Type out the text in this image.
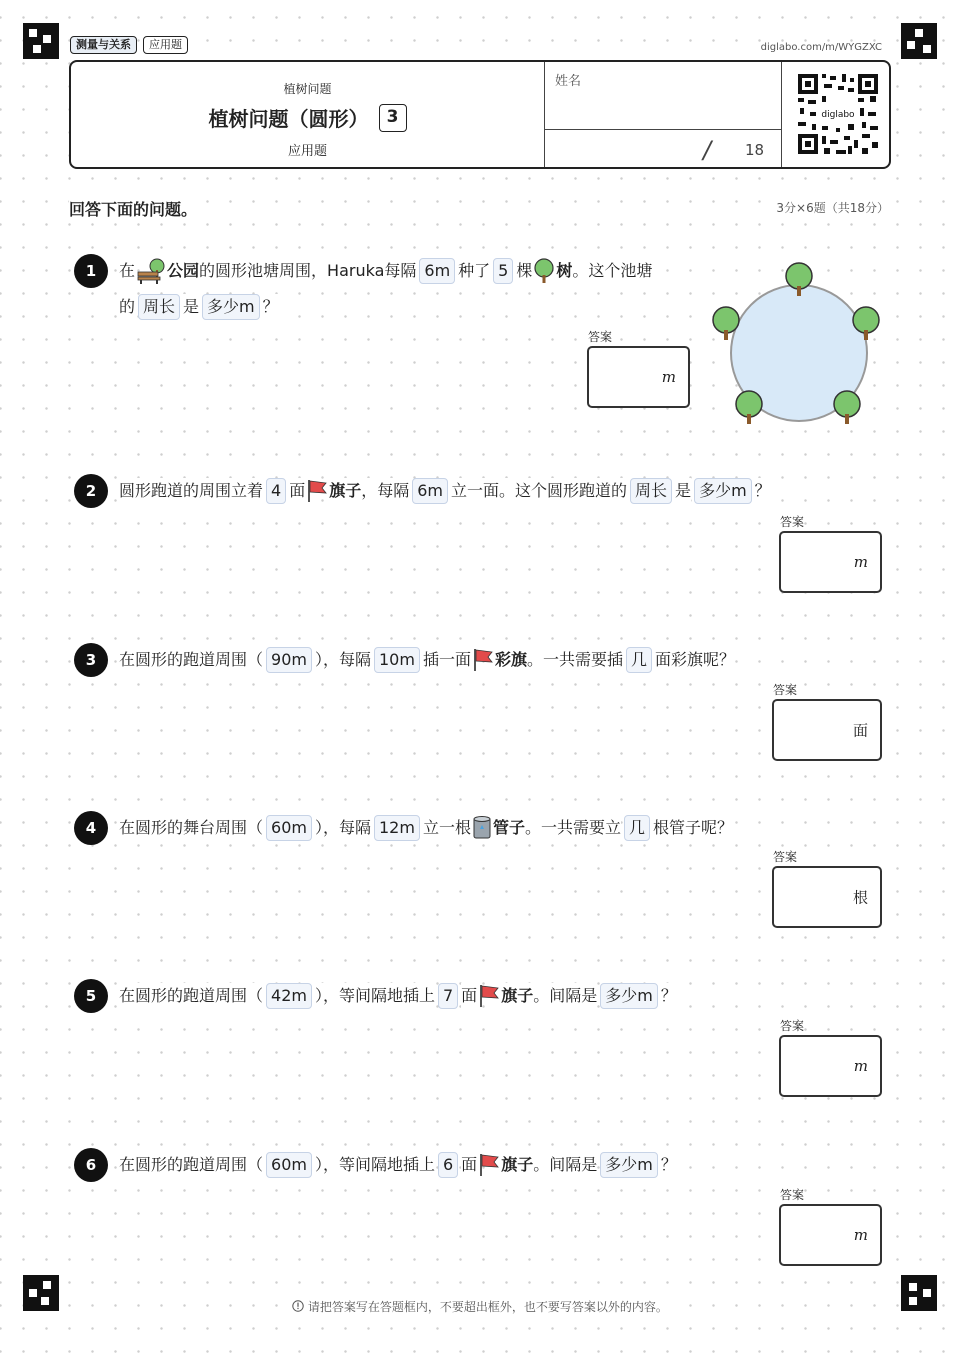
测量与关系	应用题	diglabo.com/m/WYGZXC
植树问题
植树问题（圆形）	3
应用题
姓名
/ 18
diglabo
回答下面的问题。	3分×6题（共18分）
1	在 公园 的圆形池塘周围，Haruka每隔 6m 种了 5 棵 树 。这个池塘
的 周长 是 多少m ？
答案
m
2	圆形跑道的周围立着 4 面 旗子 ，每隔 6m 立一面。这个圆形跑道的 周长 是 多少m ？
答案
m
3	在圆形的跑道周围（ 90m ），每隔 10m 插一面 彩旗 。一共需要插 几 面彩旗呢？
答案
面
4	在圆形的舞台周围（ 60m ），每隔 12m 立一根 管子 。一共需要立 几 根管子呢？
答案
根
5	在圆形的跑道周围（ 42m ），等间隔地插上 7 面 旗子 。间隔是 多少m ？
答案
m
6	在圆形的跑道周围（ 60m ），等间隔地插上 6 面 旗子 。间隔是 多少m ？
答案
m
请把答案写在答题框内，不要超出框外，也不要写答案以外的内容。
